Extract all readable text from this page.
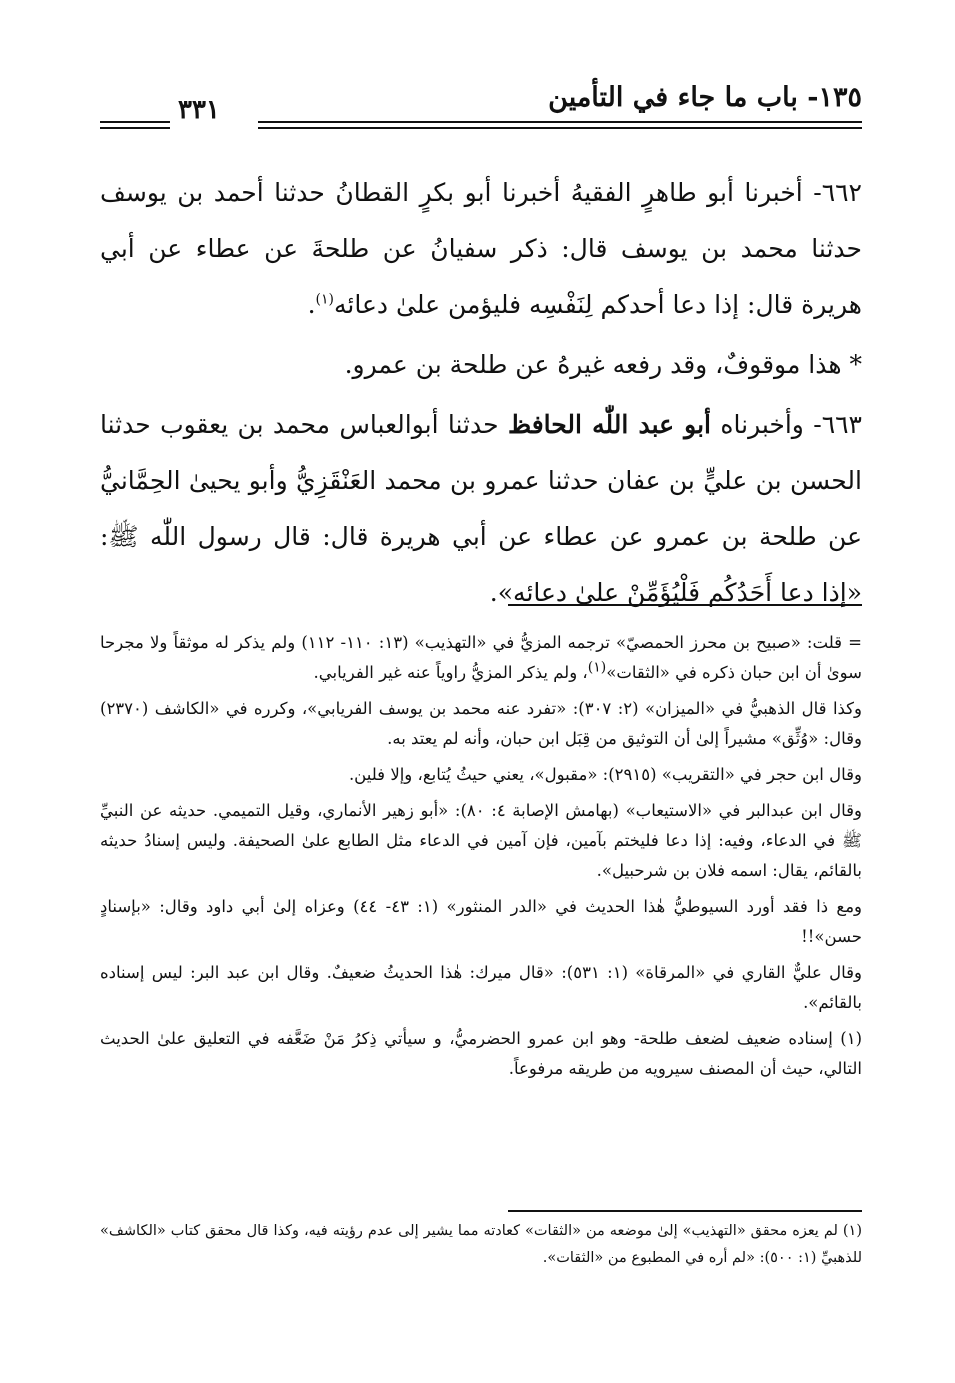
١٣٥- باب ما جاء في التأمين
٣٣١

٦٦٢- أخبرنا أبو طاهرٍ الفقيهُ أخبرنا أبو بكرٍ القطانُ حدثنا أحمد بن يوسف حدثنا محمد بن يوسف قال: ذكر سفيانُ عن طلحةَ عن عطاء عن أبي هريرة قال: إذا دعا أحدكم لِنَفْسِه فليؤمن علىٰ دعائه$^{(١)}$.

* هذا موقوفٌ، وقد رفعه غيرهُ عن طلحة بن عمرو.

٦٦٣- وأخبرناه أبو عبد اللّٰه الحافظ حدثنا أبوالعباس محمد بن يعقوب حدثنا الحسن بن عليٍّ بن عفان حدثنا عمرو بن محمد العَنْقَزِيُّ وأبو يحيىٰ الحِمَّانيُّ عن طلحة بن عمرو عن عطاء عن أبي هريرة قال: قال رسول اللّٰه ﷺ: «إذا دعا أَحَدُكُم فَلْيُؤَمِّنْ علىٰ دعائه».

= قلت: «صبيح بن محرز الحمصيّ» ترجمه المزيُّ في «التهذيب» (١٣: ١١٠- ١١٢) ولم يذكر له موثقاً ولا مجرحا سوىٰ أن ابن حبان ذكره في «الثقات»$^{(١)}$، ولم يذكر المزيُّ راوياً عنه غير الفريابي.

وكذا قال الذهبيُّ في «الميزان» (٢: ٣٠٧): «تفرد عنه محمد بن يوسف الفريابي»، وكرره في «الكاشف (٢٣٧٠) وقال: «وُثِّق» مشيراً إلىٰ أن التوثيق من قِبَل ابن حبان، وأنه لم يعتد به.

وقال ابن حجر في «التقريب» (٢٩١٥): «مقبول»، يعني حيثُ يُتابع، وإلا فلين.

وقال ابن عبدالبر في «الاستيعاب» (بهامش الإصابة ٤: ٨٠): «أبو زهير الأنماري، وقيل التميمي. حديثه عن النبيِّ ﷺ في الدعاء، وفيه: إذا دعا فليختم بآمين، فإن آمين في الدعاء مثل الطابع علىٰ الصحيفة. وليس إسنادُ حديثه بالقائم، يقال: اسمه فلان بن شرحبيل».

ومع ذا فقد أورد السيوطيُّ هٰذا الحديث في «الدر المنثور» (١: ٤٣- ٤٤) وعزاه إلىٰ أبي داود وقال: «بإسنادٍ حسن»!!

وقال عليٌّ القاري في «المرقاة» (١: ٥٣١): «قال ميرك: هٰذا الحديثُ ضعيفٌ. وقال ابن عبد البر: ليس إسناده بالقائم».

(١) إسناده ضعيف لضعف طلحة- وهو ابن عمرو الحضرميُّ، و سيأتي ذِكرُ مَنْ ضَعَّفه في التعليق علىٰ الحديث التالي، حيث أن المصنف سيرويه من طريقه مرفوعاً.

(١) لم يعزه محقق «التهذيب» إلىٰ موضعه من «الثقات» كعادته مما يشير إلى عدم رؤيته فيه، وكذا قال محقق كتاب «الكاشف» للذهبيِّ (١: ٥٠٠): «لم أره في المطبوع من «الثقات».
